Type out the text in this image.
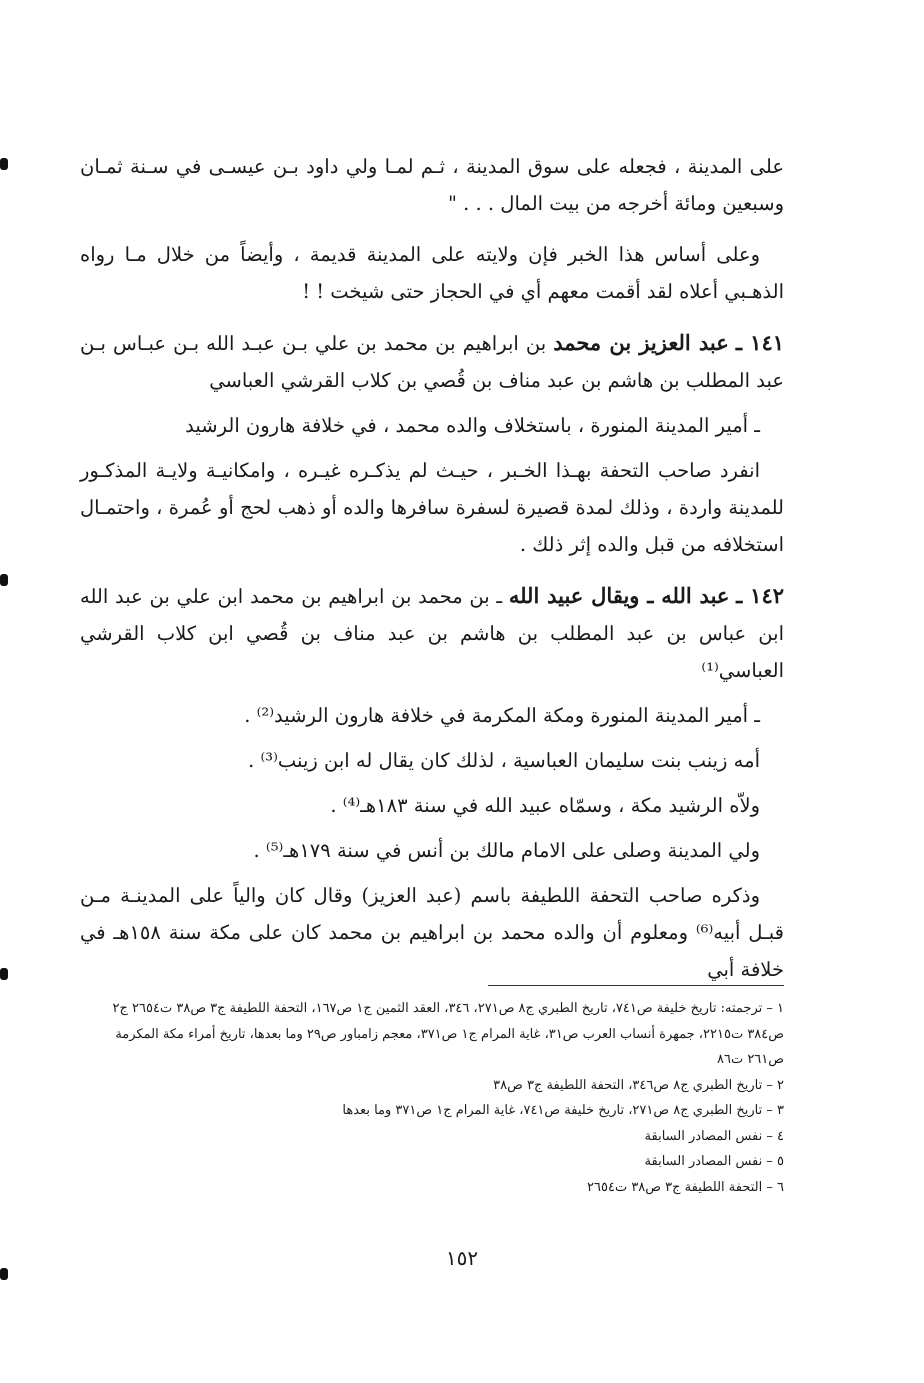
على المدينة ، فجعله على سوق المدينة ، ثـم لمـا ولي داود بـن عيسـى في سـنة ثمـان وسبعين ومائة أخرجه من بيت المال . . . "

وعلى أساس هذا الخبر فإن ولايته على المدينة قديمة ، وأيضاً من خلال مـا رواه الذهـبي أعلاه لقد أقمت معهم أي في الحجاز حتى شيخت ! !

١٤١ ـ عبد العزيز بن محمد بن ابراهيم بن محمد بن علي بـن عبـد الله بـن عبـاس بـن عبد المطلب بن هاشم بن عبد مناف بن قُصي بن كلاب القرشي العباسي

ـ أمير المدينة المنورة ، باستخلاف والده محمد ، في خلافة هارون الرشيد

انفرد صاحب التحفة بهـذا الخـبر ، حيـث لم يذكـره غيـره ، وامكانيـة ولايـة المذكـور للمدينة واردة ، وذلك لمدة قصيرة لسفرة سافرها والده أو ذهب لحج أو عُمرة ، واحتمـال استخلافه من قبل والده إثر ذلك .

١٤٢ ـ عبد الله ـ ويقال عبيد الله ـ بن محمد بن ابراهيم بن محمد ابن علي بن عبد الله ابن عباس بن عبد المطلب بن هاشم بن عبد مناف بن قُصي ابن كلاب القرشي العباسي⁽¹⁾

ـ أمير المدينة المنورة ومكة المكرمة في خلافة هارون الرشيد⁽²⁾ .

أمه زينب بنت سليمان العباسية ، لذلك كان يقال له ابن زينب⁽³⁾ .

ولاّه الرشيد مكة ، وسمّاه عبيد الله في سنة ١٨٣هـ⁽⁴⁾ .

ولي المدينة وصلى على الامام مالك بن أنس في سنة ١٧٩هـ⁽⁵⁾ .

وذكره صاحب التحفة اللطيفة باسم (عبد العزيز) وقال كان والياً على المدينـة مـن قبـل أبيه⁽⁶⁾ ومعلوم أن والده محمد بن ابراهيم بن محمد كان على مكة سنة ١٥٨هـ في خلافة أبي

١ – ترجمته: تاريخ خليفة ص٧٤١، تاريخ الطبري ج٨ ص٢٧١، ٣٤٦، العقد الثمين ج١ ص١٦٧، التحفة اللطيفة ج٣ ص٣٨ ت٢٦٥٤ ج٢ ص٣٨٤ ت٢٢١٥، جمهرة أنساب العرب ص٣١، غاية المرام ج١ ص٣٧١، معجم زامباور ص٢٩ وما بعدها، تاريخ أمراء مكة المكرمة ص٢٦١ ت٨٦

٢ – تاريخ الطبري ج٨ ص٣٤٦، التحفة اللطيفة ج٣ ص٣٨

٣ – تاريخ الطبري ج٨ ص٢٧١، تاريخ خليفة ص٧٤١، غاية المرام ج١ ص٣٧١ وما بعدها

٤ – نفس المصادر السابقة

٥ – نفس المصادر السابقة

٦ – التحفة اللطيفة ج٣ ص٣٨ ت٢٦٥٤

١٥٢
